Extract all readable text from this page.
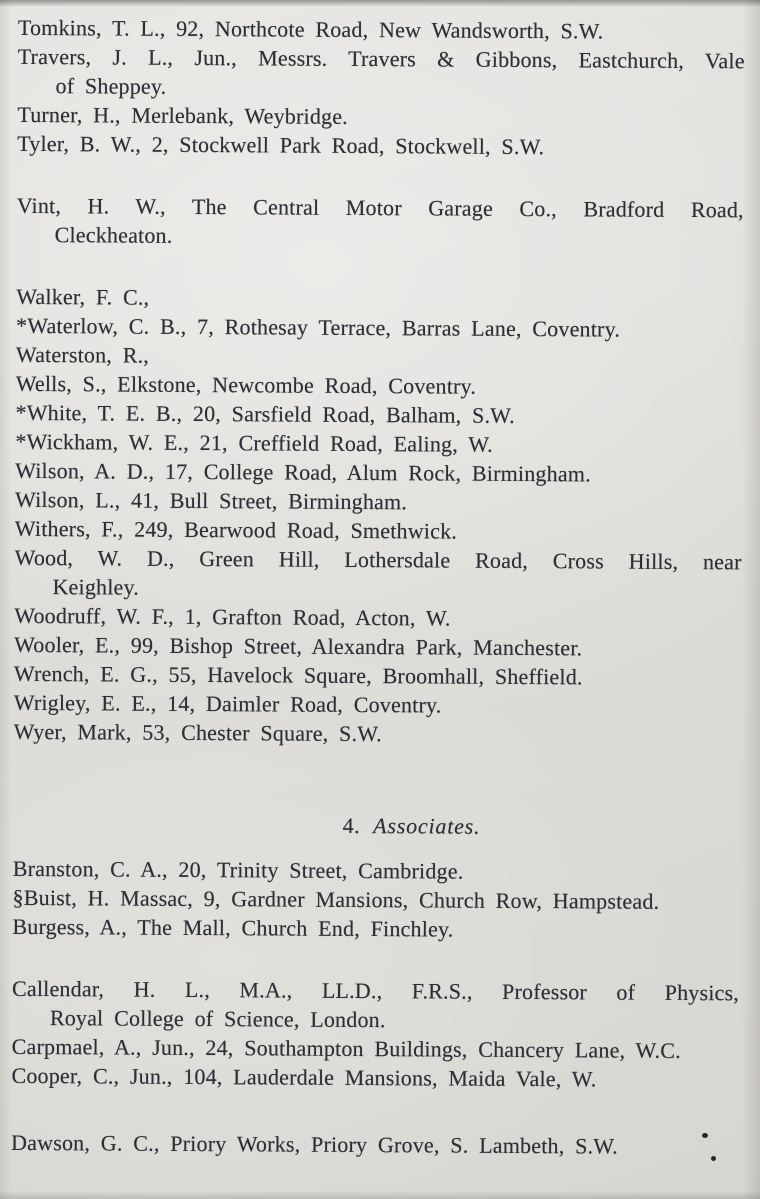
Tomkins, T. L., 92, Northcote Road, New Wandsworth, S.W.
Travers, J. L., Jun., Messrs. Travers & Gibbons, Eastchurch, Vale
of Sheppey.
Turner, H., Merlebank, Weybridge.
Tyler, B. W., 2, Stockwell Park Road, Stockwell, S.W.
Vint, H. W., The Central Motor Garage Co., Bradford Road,
Cleckheaton.
Walker, F. C.,
*Waterlow, C. B., 7, Rothesay Terrace, Barras Lane, Coventry.
Waterston, R.,
Wells, S., Elkstone, Newcombe Road, Coventry.
*White, T. E. B., 20, Sarsfield Road, Balham, S.W.
*Wickham, W. E., 21, Creffield Road, Ealing, W.
Wilson, A. D., 17, College Road, Alum Rock, Birmingham.
Wilson, L., 41, Bull Street, Birmingham.
Withers, F., 249, Bearwood Road, Smethwick.
Wood, W. D., Green Hill, Lothersdale Road, Cross Hills, near
Keighley.
Woodruff, W. F., 1, Grafton Road, Acton, W.
Wooler, E., 99, Bishop Street, Alexandra Park, Manchester.
Wrench, E. G., 55, Havelock Square, Broomhall, Sheffield.
Wrigley, E. E., 14, Daimler Road, Coventry.
Wyer, Mark, 53, Chester Square, S.W.
4. Associates.
Branston, C. A., 20, Trinity Street, Cambridge.
§Buist, H. Massac, 9, Gardner Mansions, Church Row, Hampstead.
Burgess, A., The Mall, Church End, Finchley.
Callendar, H. L., M.A., LL.D., F.R.S., Professor of Physics,
Royal College of Science, London.
Carpmael, A., Jun., 24, Southampton Buildings, Chancery Lane, W.C.
Cooper, C., Jun., 104, Lauderdale Mansions, Maida Vale, W.
Dawson, G. C., Priory Works, Priory Grove, S. Lambeth, S.W.
